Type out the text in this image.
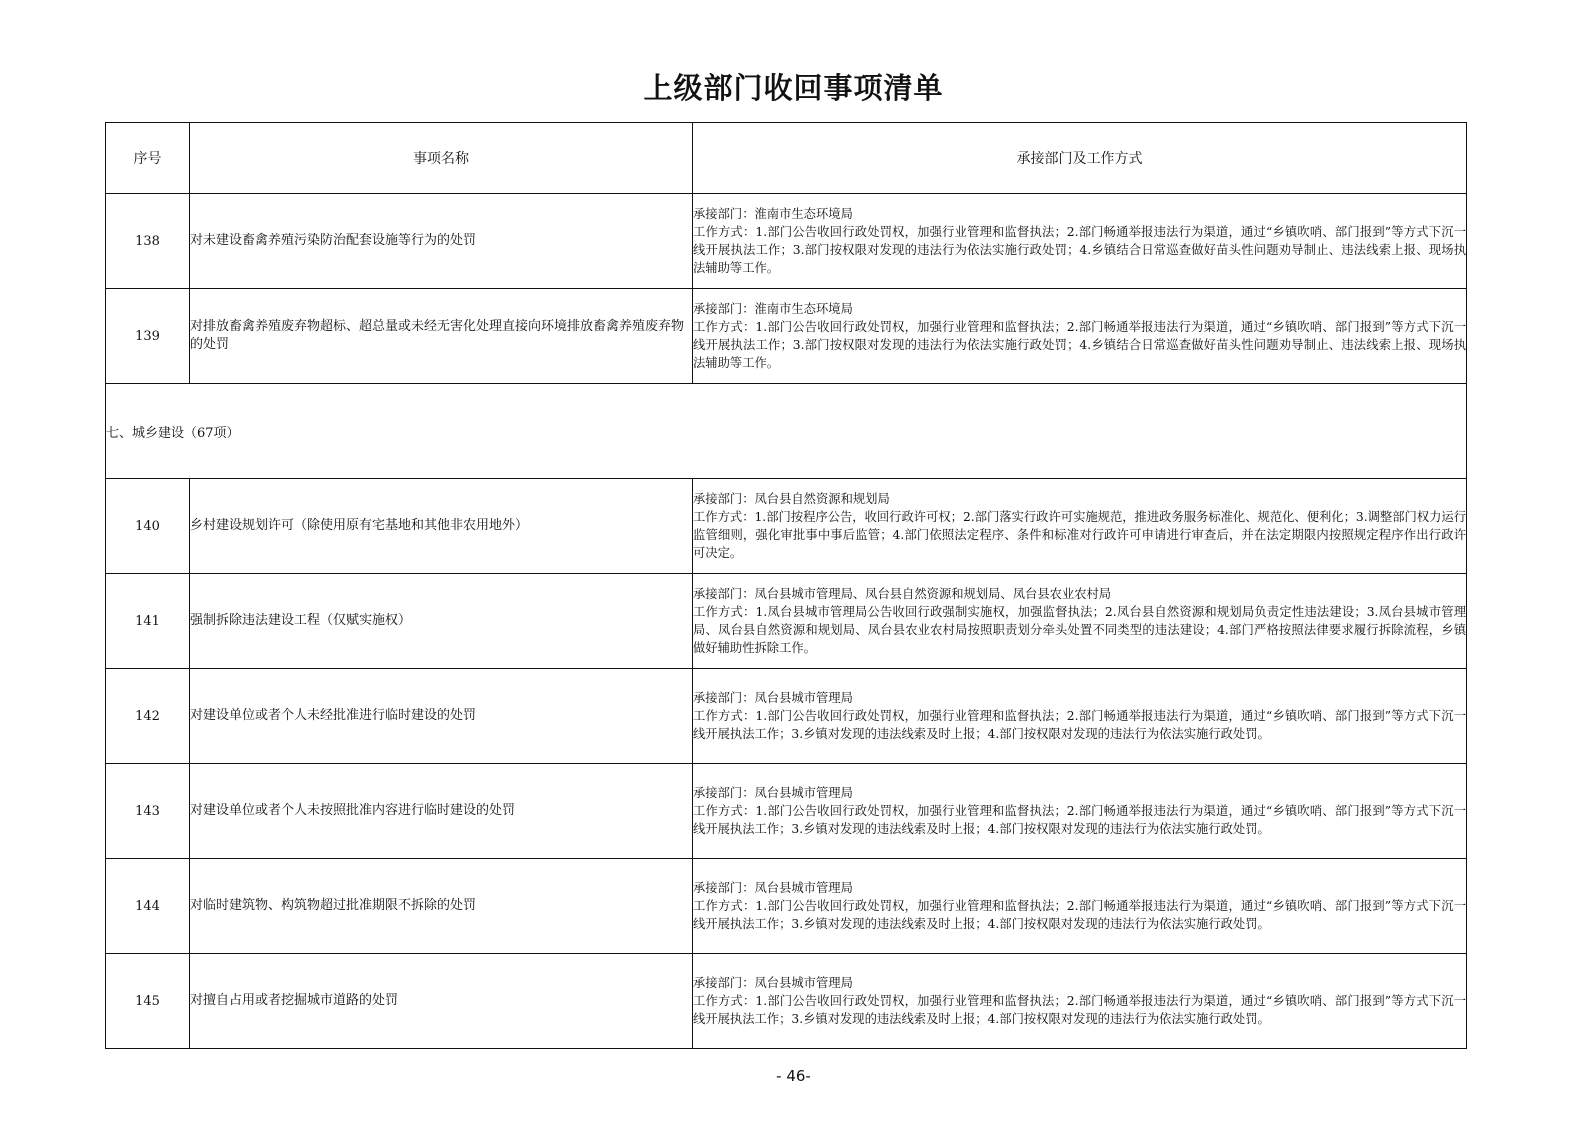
上级部门收回事项清单
序号	事项名称	承接部门及工作方式
138	对未建设畜禽养殖污染防治配套设施等行为的处罚	承接部门：淮南市生态环境局
工作方式：1.部门公告收回行政处罚权，加强行业管理和监督执法；2.部门畅通举报违法行为渠道，通过“乡镇吹哨、部门报到”等方式下沉一线开展执法工作；3.部门按权限对发现的违法行为依法实施行政处罚；4.乡镇结合日常巡查做好苗头性问题劝导制止、违法线索上报、现场执法辅助等工作。

139	对排放畜禽养殖废弃物超标、超总量或未经无害化处理直接向环境排放畜禽养殖废弃物的处罚	承接部门：淮南市生态环境局
工作方式：1.部门公告收回行政处罚权，加强行业管理和监督执法；2.部门畅通举报违法行为渠道，通过“乡镇吹哨、部门报到”等方式下沉一线开展执法工作；3.部门按权限对发现的违法行为依法实施行政处罚；4.乡镇结合日常巡查做好苗头性问题劝导制止、违法线索上报、现场执法辅助等工作。

七、城乡建设（67项）		
140	乡村建设规划许可（除使用原有宅基地和其他非农用地外）	承接部门：凤台县自然资源和规划局
工作方式：1.部门按程序公告，收回行政许可权；2.部门落实行政许可实施规范，推进政务服务标准化、规范化、便利化；3.调整部门权力运行监管细则，强化审批事中事后监管；4.部门依照法定程序、条件和标准对行政许可申请进行审查后，并在法定期限内按照规定程序作出行政许可决定。

141	强制拆除违法建设工程（仅赋实施权）	承接部门：凤台县城市管理局、凤台县自然资源和规划局、凤台县农业农村局
工作方式：1.凤台县城市管理局公告收回行政强制实施权，加强监督执法；2.凤台县自然资源和规划局负责定性违法建设；3.凤台县城市管理局、凤台县自然资源和规划局、凤台县农业农村局按照职责划分牵头处置不同类型的违法建设；4.部门严格按照法律要求履行拆除流程，乡镇做好辅助性拆除工作。

142	对建设单位或者个人未经批准进行临时建设的处罚	承接部门：凤台县城市管理局
工作方式：1.部门公告收回行政处罚权，加强行业管理和监督执法；2.部门畅通举报违法行为渠道，通过“乡镇吹哨、部门报到”等方式下沉一线开展执法工作；3.乡镇对发现的违法线索及时上报；4.部门按权限对发现的违法行为依法实施行政处罚。

143	对建设单位或者个人未按照批准内容进行临时建设的处罚	承接部门：凤台县城市管理局
工作方式：1.部门公告收回行政处罚权，加强行业管理和监督执法；2.部门畅通举报违法行为渠道，通过“乡镇吹哨、部门报到”等方式下沉一线开展执法工作；3.乡镇对发现的违法线索及时上报；4.部门按权限对发现的违法行为依法实施行政处罚。

144	对临时建筑物、构筑物超过批准期限不拆除的处罚	承接部门：凤台县城市管理局
工作方式：1.部门公告收回行政处罚权，加强行业管理和监督执法；2.部门畅通举报违法行为渠道，通过“乡镇吹哨、部门报到”等方式下沉一线开展执法工作；3.乡镇对发现的违法线索及时上报；4.部门按权限对发现的违法行为依法实施行政处罚。

145	对擅自占用或者挖掘城市道路的处罚	承接部门：凤台县城市管理局
工作方式：1.部门公告收回行政处罚权，加强行业管理和监督执法；2.部门畅通举报违法行为渠道，通过“乡镇吹哨、部门报到”等方式下沉一线开展执法工作；3.乡镇对发现的违法线索及时上报；4.部门按权限对发现的违法行为依法实施行政处罚。
- 46-
